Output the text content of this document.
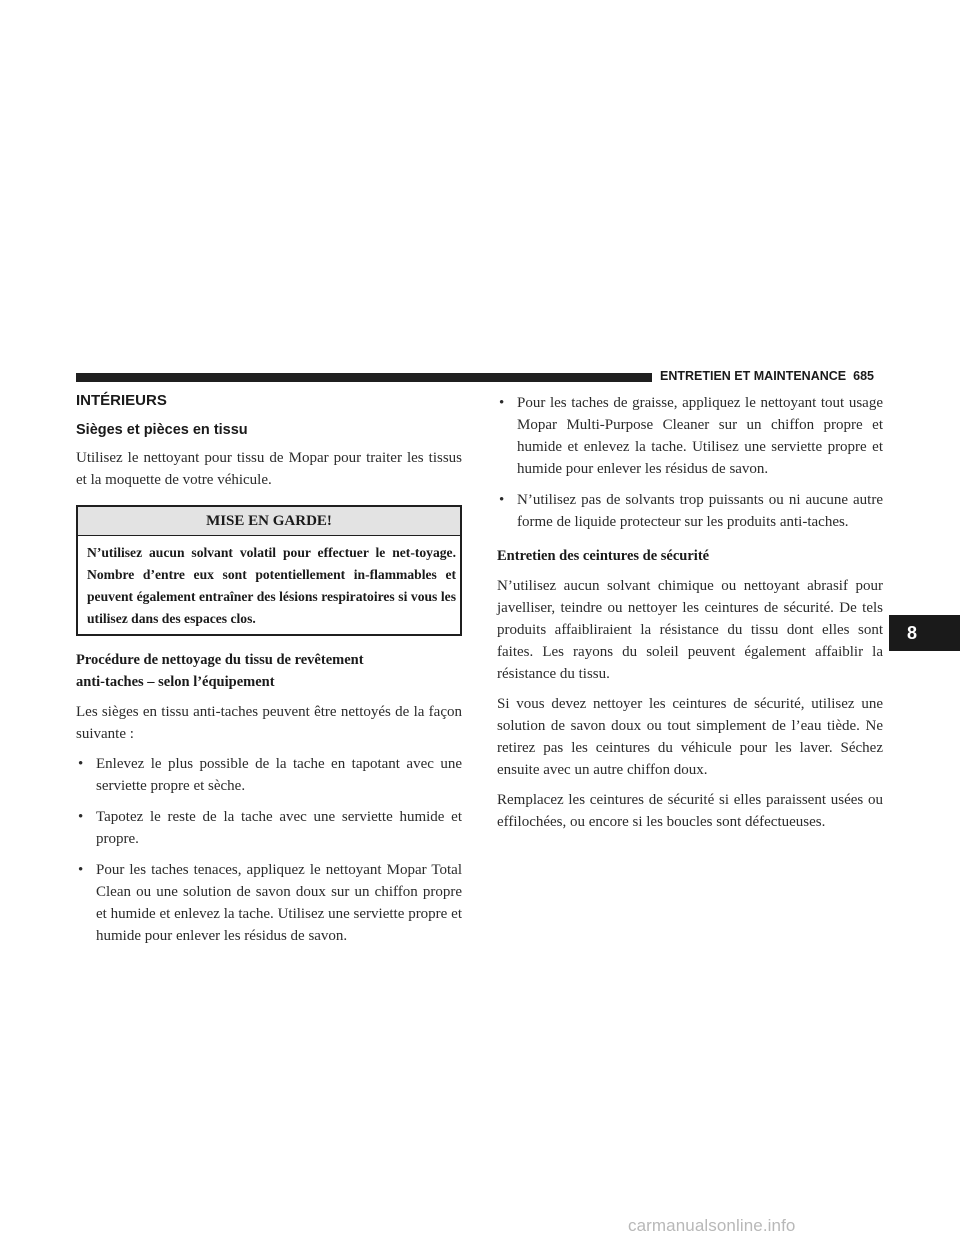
ENTRETIEN ET MAINTENANCE 685
INTÉRIEURS
Sièges et pièces en tissu

Utilisez le nettoyant pour tissu de Mopar pour traiter les tissus et la moquette de votre véhicule.

MISE EN GARDE!
N’utilisez aucun solvant volatil pour effectuer le net-toyage. Nombre d’entre eux sont potentiellement in-flammables et peuvent également entraîner des lésions respiratoires si vous les utilisez dans des espaces clos.
Procédure de nettoyage du tissu de revêtement
anti-taches – selon l’équipement

Les sièges en tissu anti-taches peuvent être nettoyés de la façon suivante :

• Enlevez le plus possible de la tache en tapotant avec une serviette propre et sèche.
• Tapotez le reste de la tache avec une serviette humide et propre.
• Pour les taches tenaces, appliquez le nettoyant Mopar Total Clean ou une solution de savon doux sur un chiffon propre et humide et enlevez la tache. Utilisez une serviette propre et humide pour enlever les résidus de savon.
• Pour les taches de graisse, appliquez le nettoyant tout usage Mopar Multi-Purpose Cleaner sur un chiffon propre et humide et enlevez la tache. Utilisez une serviette propre et humide pour enlever les résidus de savon.
• N’utilisez pas de solvants trop puissants ou ni aucune autre forme de liquide protecteur sur les produits anti-taches.
Entretien des ceintures de sécurité

N’utilisez aucun solvant chimique ou nettoyant abrasif pour javelliser, teindre ou nettoyer les ceintures de sécurité. De tels produits affaibliraient la résistance du tissu dont elles sont faites. Les rayons du soleil peuvent également affaiblir la résistance du tissu.

Si vous devez nettoyer les ceintures de sécurité, utilisez une solution de savon doux ou tout simplement de l’eau tiède. Ne retirez pas les ceintures du véhicule pour les laver. Séchez ensuite avec un autre chiffon doux.

Remplacez les ceintures de sécurité si elles paraissent usées ou effilochées, ou encore si les boucles sont défectueuses.

8
carmanualsonline.info
